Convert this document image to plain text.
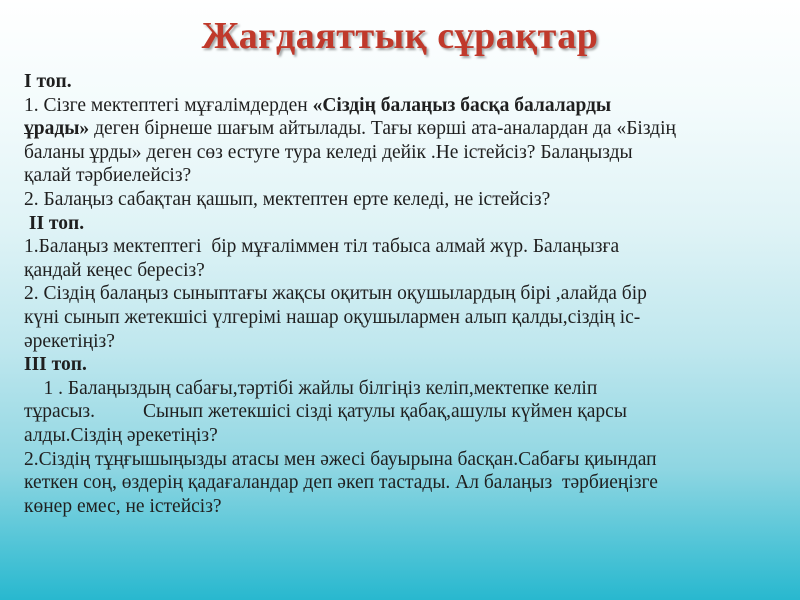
Жағдаяттық сұрақтар
І топ.
1. Сізге мектептегі мұғалімдерден «Сіздің балаңыз басқа балаларды
ұрады» деген бірнеше шағым айтылады. Тағы көрші ата-аналардан да «Біздің
баланы ұрды» деген сөз естуге тура келеді дейік .Не істейсіз? Балаңызды
қалай тәрбиелейсіз?
2. Балаңыз сабақтан қашып, мектептен ерте келеді, не істейсіз?
ІІ топ.
1.Балаңыз мектептегі  бір мұғаліммен тіл табыса алмай жүр. Балаңызға
қандай кеңес бересіз?
2. Сіздің балаңыз сыныптағы жақсы оқитын оқушылардың бірі ,алайда бір
күні сынып жетекшісі үлгерімі нашар оқушылармен алып қалды,сіздің іс-
әрекетіңіз?
ІІІ топ.
1 . Балаңыздың сабағы,тәртібі жайлы білгіңіз келіп,мектепке келіп
тұрасыз. Сынып жетекшісі сізді қатулы қабақ,ашулы күймен қарсы
алды.Сіздің әрекетіңіз?
2.Сіздің тұңғышыңызды атасы мен әжесі бауырына басқан.Сабағы қиындап
кеткен соң, өздерің қадағаландар деп әкеп тастады. Ал балаңыз  тәрбиеңізге
көнер емес, не істейсіз?
